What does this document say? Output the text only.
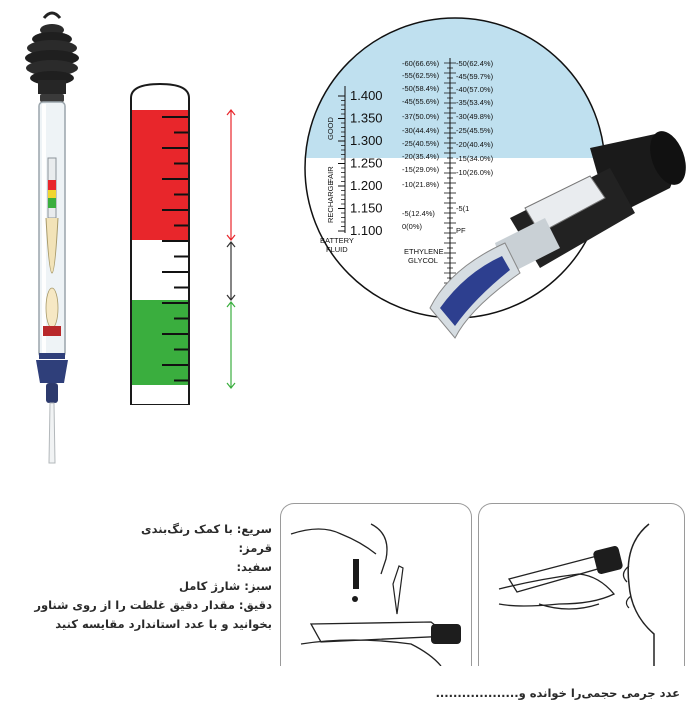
1.400
1.350
1.300
1.250
1.200
1.150
1.100
GOOD
FAIR
RECHARGE
BATTERY
FLUID	ETHYLENE
GLYCOL
-60(66.6%)
-55(62.5%)
-50(58.4%)
-45(55.6%)
-37(50.0%)
-30(44.4%)
-25(40.5%)
-20(35.4%)
-15(29.0%)
-10(21.8%)
-5(12.4%)
0(0%)
-50(62.4%)
-45(59.7%)
-40(57.0%)
-35(53.4%)
-30(49.8%)
-25(45.5%)
-20(40.4%)
-15(34.0%)
-10(26.0%)
-5(1
PF
سریع: با کمک رنگ‌بندی
قرمز:
سفید:
سبز: شارژ کامل
دقیق: مقدار دقیق غلظت را از روی شناور
بخوانید و با عدد استاندارد مقایسه کنید
عدد جرمی حجمی‌را خوانده و...................
